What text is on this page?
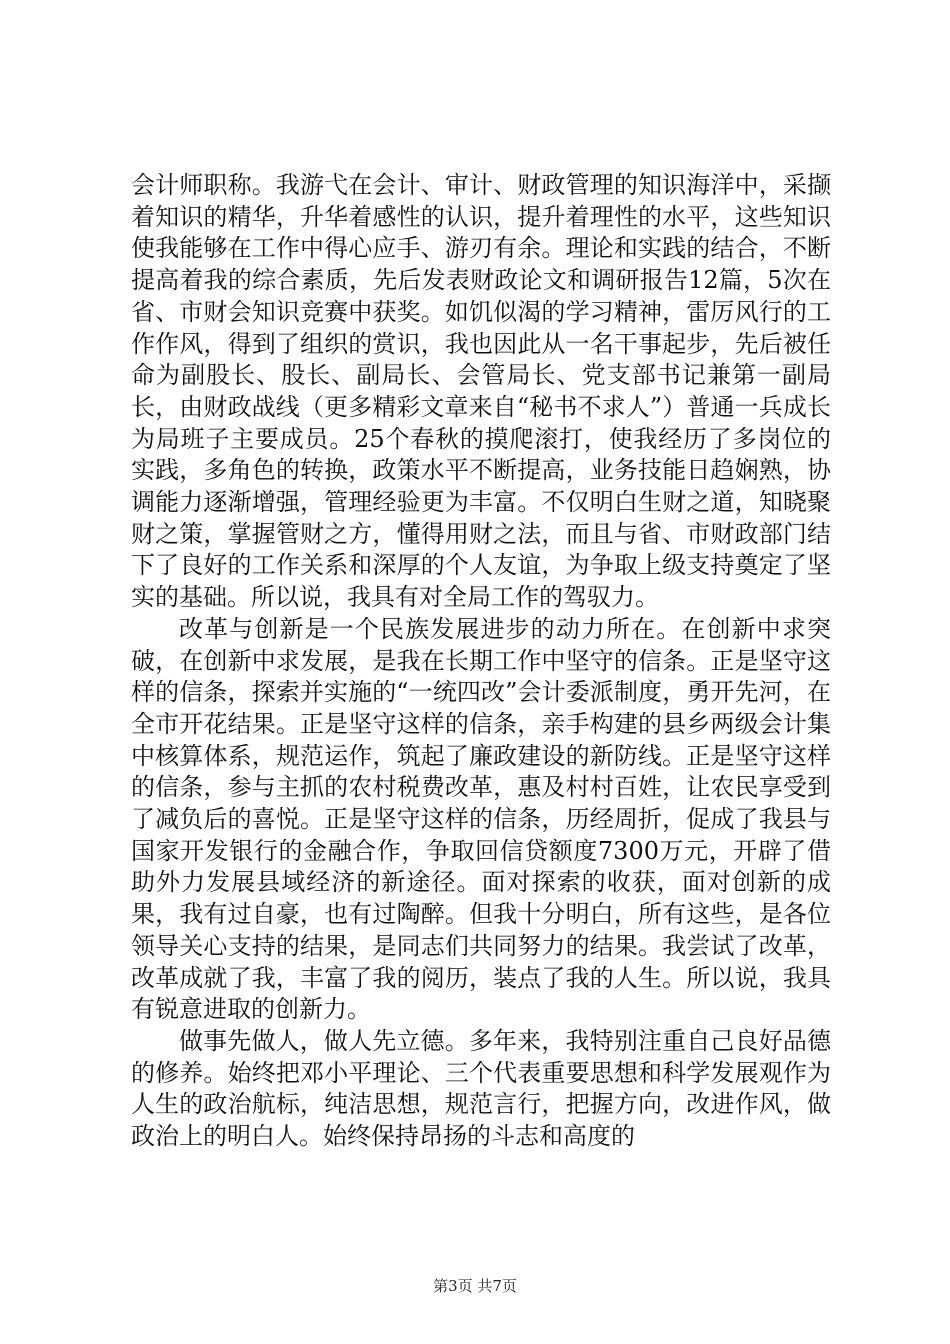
会计师职称。我游弋在会计、审计、财政管理的知识海洋中，采撷着知识的精华，升华着感性的认识，提升着理性的水平，这些知识使我能够在工作中得心应手、游刃有余。理论和实践的结合，不断提高着我的综合素质，先后发表财政论文和调研报告12篇，5次在省、市财会知识竞赛中获奖。如饥似渴的学习精神，雷厉风行的工作作风，得到了组织的赏识，我也因此从一名干事起步，先后被任命为副股长、股长、副局长、会管局长、党支部书记兼第一副局长，由财政战线（更多精彩文章来自“秘书不求人”）普通一兵成长为局班子主要成员。25个春秋的摸爬滚打，使我经历了多岗位的实践，多角色的转换，政策水平不断提高，业务技能日趋娴熟，协调能力逐渐增强，管理经验更为丰富。不仅明白生财之道，知晓聚财之策，掌握管财之方，懂得用财之法，而且与省、市财政部门结下了良好的工作关系和深厚的个人友谊，为争取上级支持奠定了坚实的基础。所以说，我具有对全局工作的驾驭力。

改革与创新是一个民族发展进步的动力所在。在创新中求突破，在创新中求发展，是我在长期工作中坚守的信条。正是坚守这样的信条，探索并实施的“一统四改”会计委派制度，勇开先河，在全市开花结果。正是坚守这样的信条，亲手构建的县乡两级会计集中核算体系，规范运作，筑起了廉政建设的新防线。正是坚守这样的信条，参与主抓的农村税费改革，惠及村村百姓，让农民享受到了减负后的喜悦。正是坚守这样的信条，历经周折，促成了我县与国家开发银行的金融合作，争取回信贷额度7300万元，开辟了借助外力发展县域经济的新途径。面对探索的收获，面对创新的成果，我有过自豪，也有过陶醉。但我十分明白，所有这些，是各位领导关心支持的结果，是同志们共同努力的结果。我尝试了改革，改革成就了我，丰富了我的阅历，装点了我的人生。所以说，我具有锐意进取的创新力。

做事先做人，做人先立德。多年来，我特别注重自己良好品德的修养。始终把邓小平理论、三个代表重要思想和科学发展观作为人生的政治航标，纯洁思想，规范言行，把握方向，改进作风，做政治上的明白人。始终保持昂扬的斗志和高度的

第3页 共7页
